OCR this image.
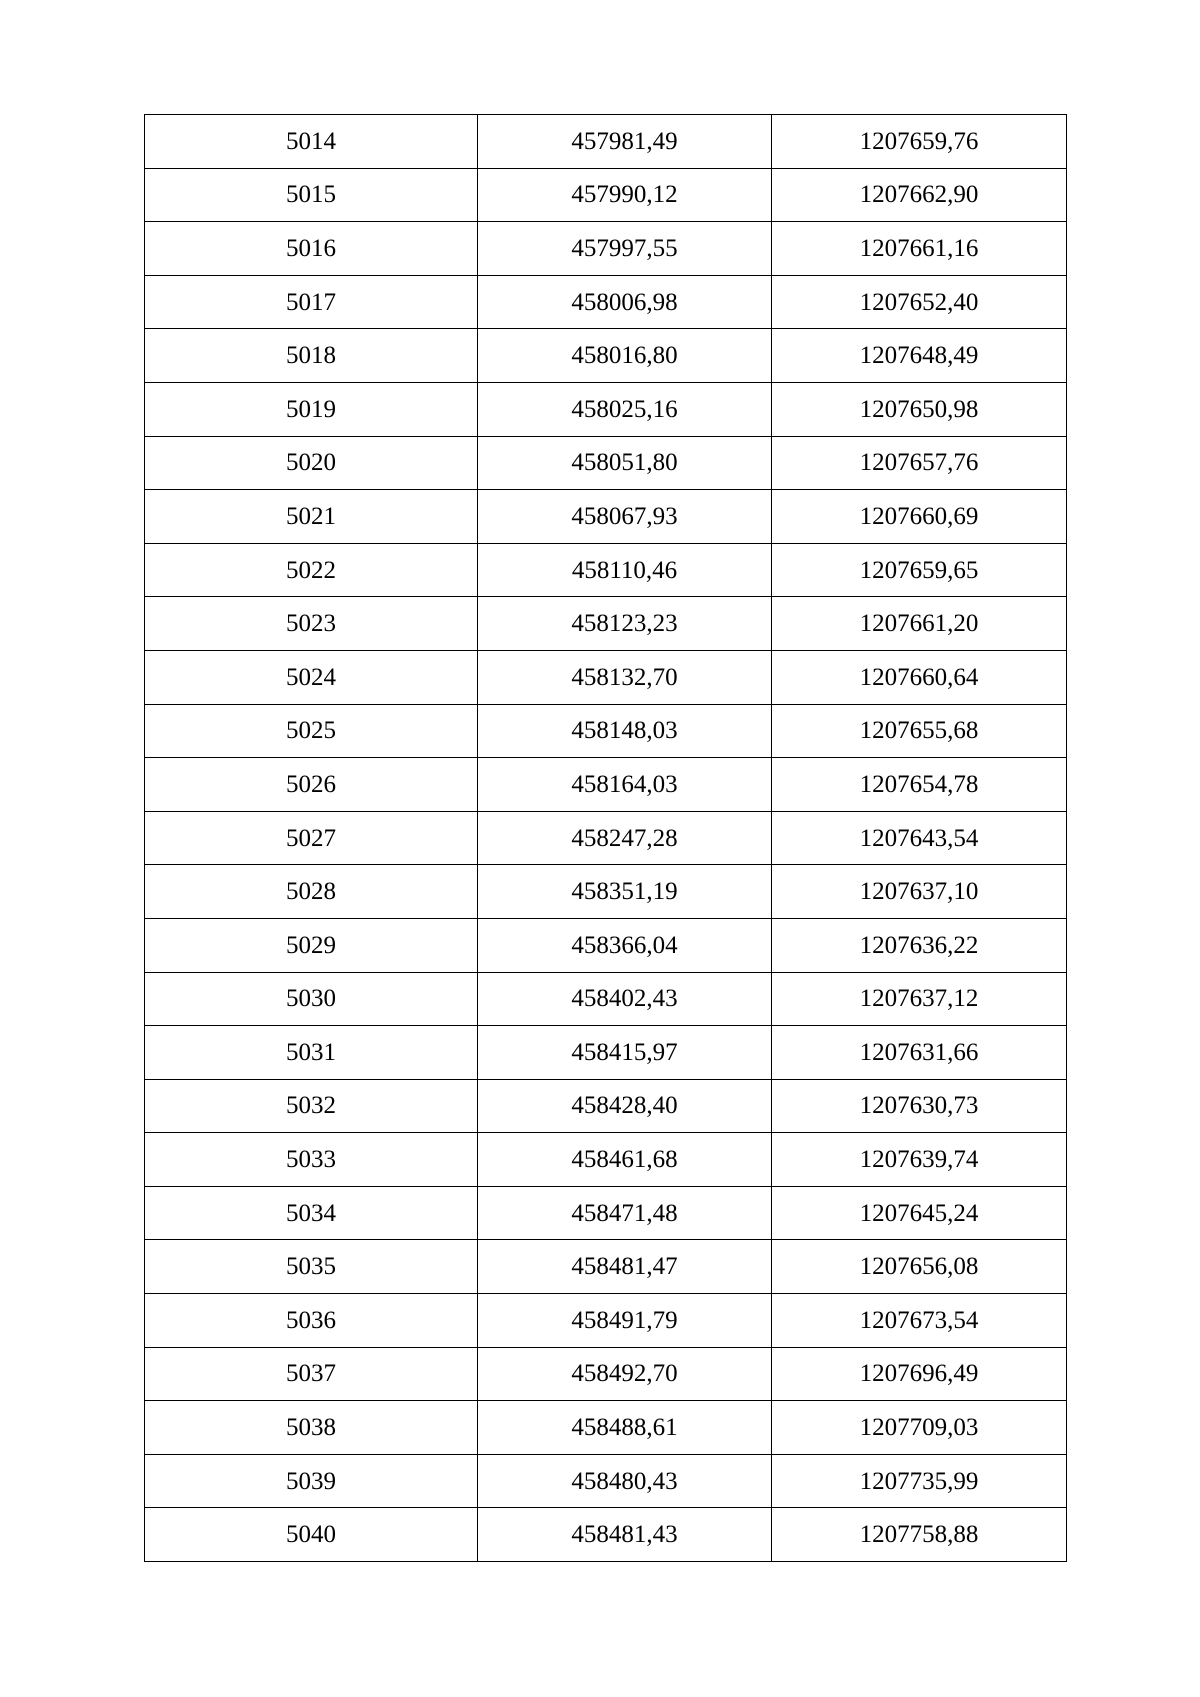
5014	457981,49	1207659,76
5015	457990,12	1207662,90
5016	457997,55	1207661,16
5017	458006,98	1207652,40
5018	458016,80	1207648,49
5019	458025,16	1207650,98
5020	458051,80	1207657,76
5021	458067,93	1207660,69
5022	458110,46	1207659,65
5023	458123,23	1207661,20
5024	458132,70	1207660,64
5025	458148,03	1207655,68
5026	458164,03	1207654,78
5027	458247,28	1207643,54
5028	458351,19	1207637,10
5029	458366,04	1207636,22
5030	458402,43	1207637,12
5031	458415,97	1207631,66
5032	458428,40	1207630,73
5033	458461,68	1207639,74
5034	458471,48	1207645,24
5035	458481,47	1207656,08
5036	458491,79	1207673,54
5037	458492,70	1207696,49
5038	458488,61	1207709,03
5039	458480,43	1207735,99
5040	458481,43	1207758,88
